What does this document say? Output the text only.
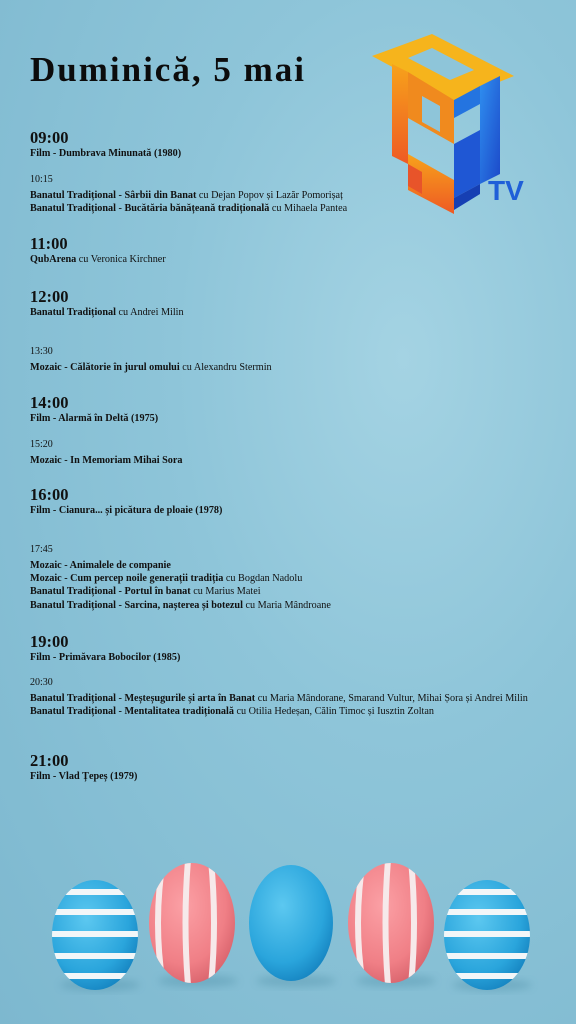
Duminică, 5 mai
TV
09:00
Film - Dumbrava Minunată (1980)
10:15
Banatul Tradițional - Sârbii din Banat cu Dejan Popov și Lazăr Pomorișaț
Banatul Tradițional - Bucătăria bănățeană tradițională cu Mihaela Pantea
11:00
QubArena cu Veronica Kirchner
12:00
Banatul Tradițional cu Andrei Milin
13:30
Mozaic - Călătorie în jurul omului cu Alexandru Stermin
14:00
Film - Alarmă în Deltă (1975)
15:20
Mozaic - In Memoriam Mihai Sora
16:00
Film - Cianura... și picătura de ploaie (1978)
17:45
Mozaic - Animalele de companie
Mozaic - Cum percep noile generații tradiția cu Bogdan Nadolu
Banatul Tradițional - Portul în banat cu Marius Matei
Banatul Tradițional - Sarcina, nașterea și botezul cu Maria Mândroane
19:00
Film - Primăvara Bobocilor (1985)
20:30
Banatul Tradițional - Meșteșugurile și arta în Banat cu Maria Mândorane, Smarand Vultur, Mihai Șora și Andrei Milin
Banatul Tradițional - Mentalitatea tradițională cu Otilia Hedeșan, Călin Timoc și Iusztin Zoltan
21:00
Film - Vlad Țepeș (1979)
